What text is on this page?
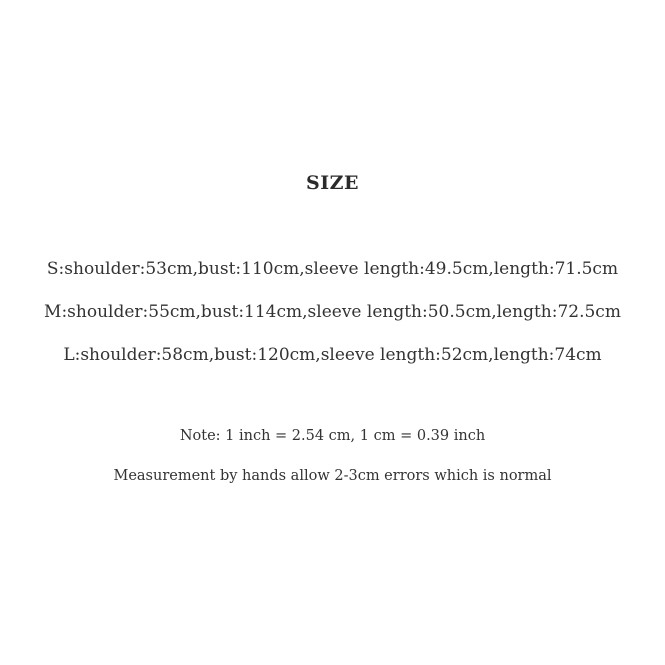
SIZE
S:shoulder:53cm,bust:110cm,sleeve length:49.5cm,length:71.5cm
M:shoulder:55cm,bust:114cm,sleeve length:50.5cm,length:72.5cm
L:shoulder:58cm,bust:120cm,sleeve length:52cm,length:74cm
Note: 1 inch = 2.54 cm, 1 cm = 0.39 inch
Measurement by hands allow 2-3cm errors which is normal
